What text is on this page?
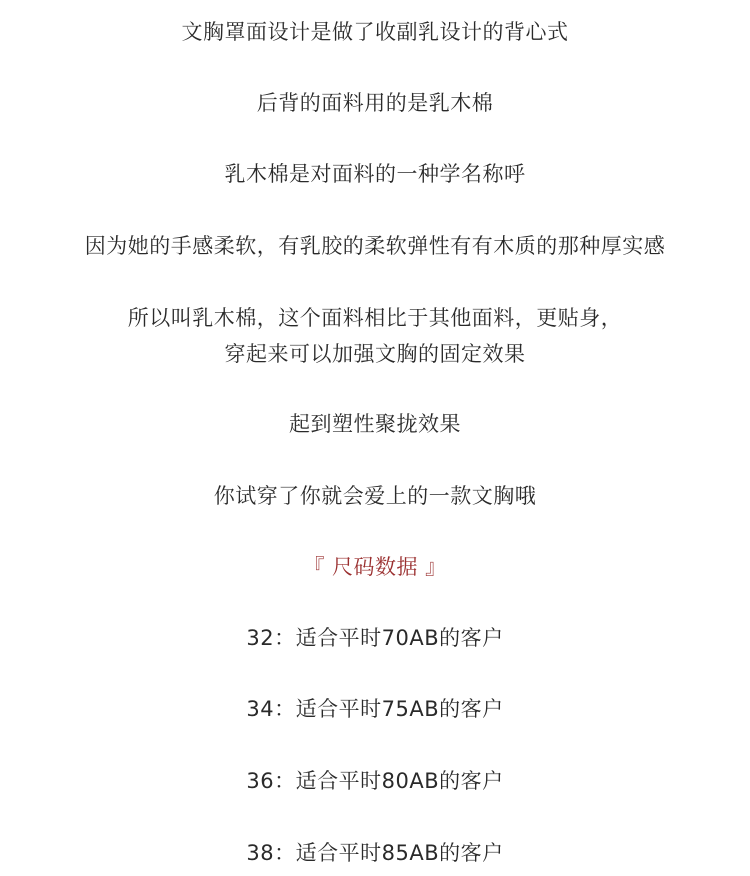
文胸罩面设计是做了收副乳设计的背心式
后背的面料用的是乳木棉
乳木棉是对面料的一种学名称呼
因为她的手感柔软，有乳胶的柔软弹性有有木质的那种厚实感
所以叫乳木棉，这个面料相比于其他面料，更贴身，
穿起来可以加强文胸的固定效果
起到塑性聚拢效果
你试穿了你就会爱上的一款文胸哦
『 尺码数据 』
32：适合平时70AB的客户
34：适合平时75AB的客户
36：适合平时80AB的客户
38：适合平时85AB的客户
